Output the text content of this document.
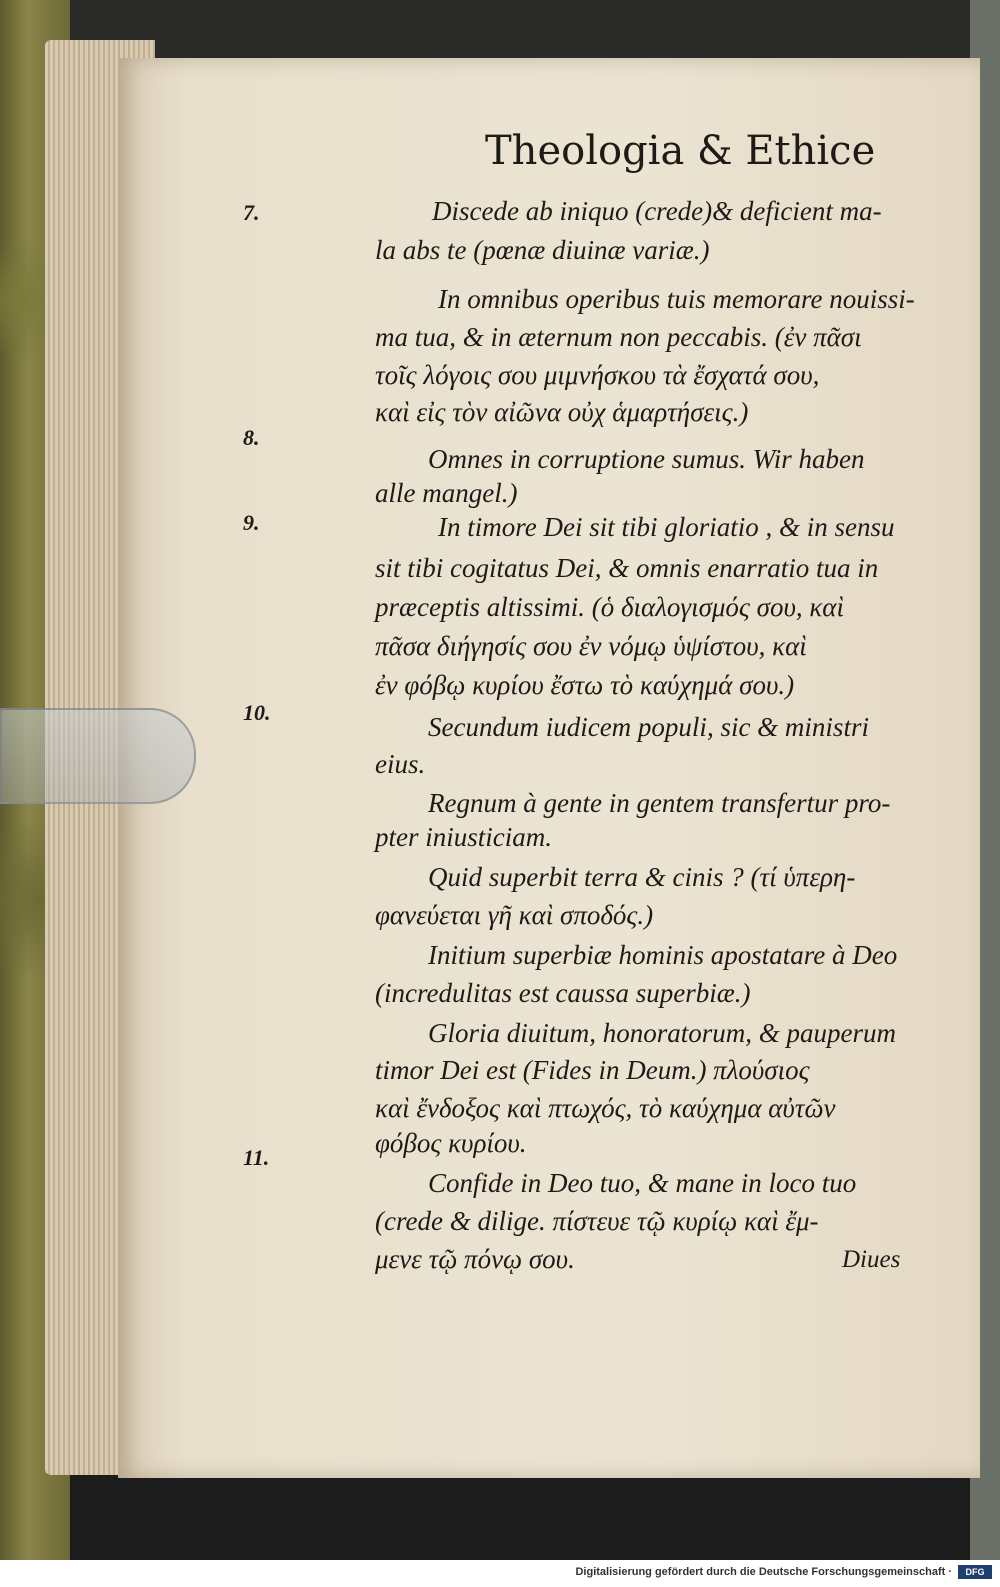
Theologia & Ethice
7.
8.
9.
10.
11.
Discede ab iniquo (crede)& deficient ma-
la abs te (pœnæ diuinæ variæ.)
In omnibus operibus tuis memorare nouissi-
ma tua, & in æternum non peccabis. (ἐν πᾶσι
τοῖς λόγοις σου μιμνήσκου τὰ ἔσχατά σου,
καὶ εἰς τὸν αἰῶνα οὐχ ἁμαρτήσεις.)
Omnes in corruptione sumus. Wir haben
alle mangel.)
In timore Dei sit tibi gloriatio , & in sensu
sit tibi cogitatus Dei, & omnis enarratio tua in
præceptis altissimi. (ὁ διαλογισμός σου, καὶ
πᾶσα διήγησίς σου ἐν νόμῳ ὑψίστου, καὶ
ἐν φόβῳ κυρίου ἔστω τὸ καύχημά σου.)
Secundum iudicem populi, sic & ministri
eius.
Regnum à gente in gentem transfertur pro-
pter iniusticiam.
Quid superbit terra & cinis ? (τί ὑπερη-
φανεύεται γῆ καὶ σποδός.)
Initium superbiæ hominis apostatare à Deo
(incredulitas est caussa superbiæ.)
Gloria diuitum, honoratorum, & pauperum
timor Dei est (Fides in Deum.) πλούσιος
καὶ ἔνδοξος καὶ πτωχός, τὸ καύχημα αὐτῶν
φόβος κυρίου.
Confide in Deo tuo, & mane in loco tuo
(crede & dilige. πίστευε τῷ κυρίῳ καὶ ἔμ-
μενε τῷ πόνῳ σου.	Diues
Digitalisierung gefördert durch die Deutsche Forschungsgemeinschaft ·	DFG
